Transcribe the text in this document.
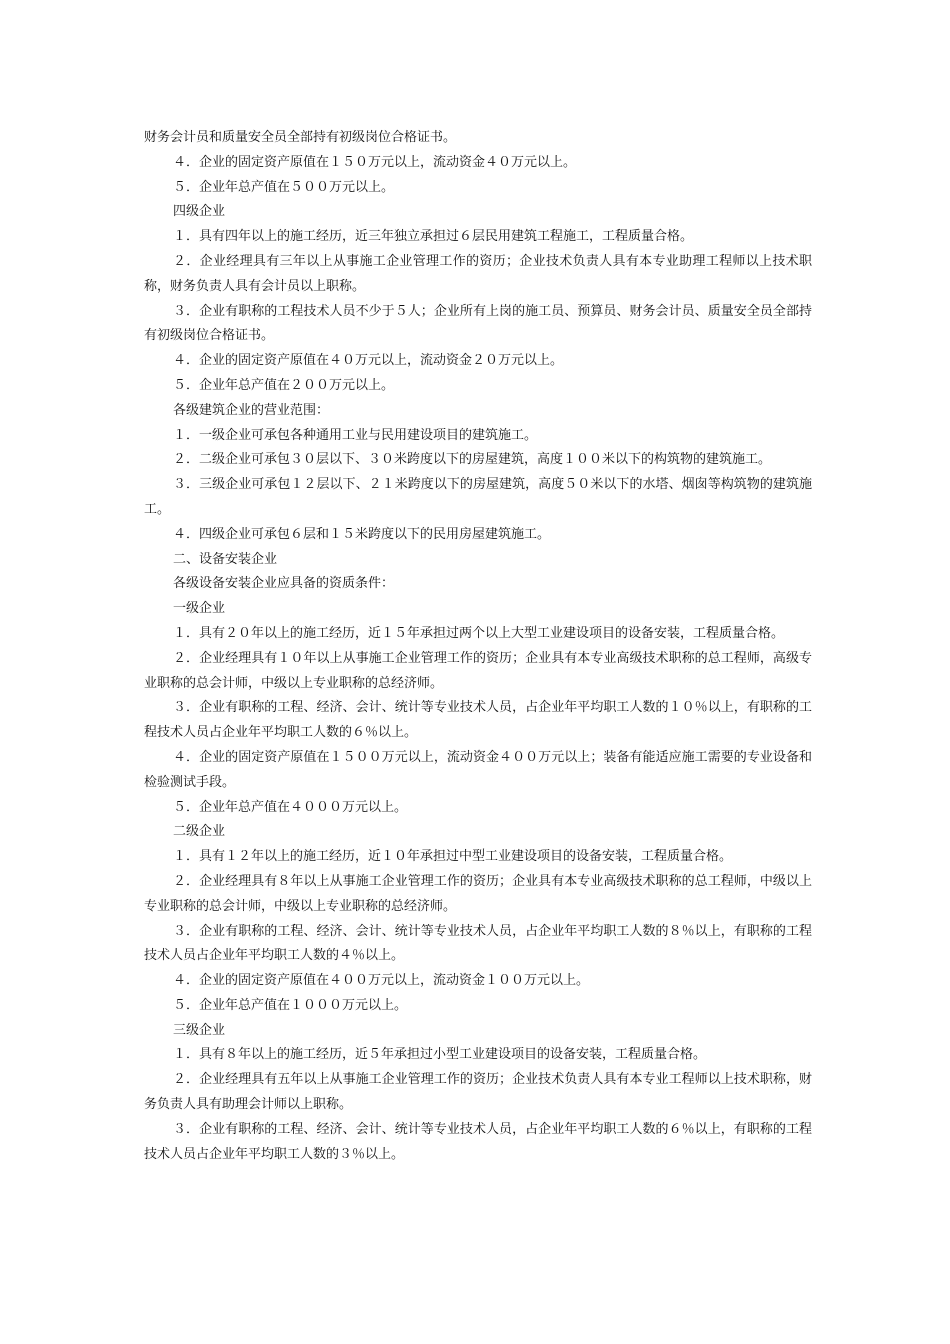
财务会计员和质量安全员全部持有初级岗位合格证书。

４．企业的固定资产原值在１５０万元以上，流动资金４０万元以上。

５．企业年总产值在５００万元以上。

四级企业

１．具有四年以上的施工经历，近三年独立承担过６层民用建筑工程施工，工程质量合格。

２．企业经理具有三年以上从事施工企业管理工作的资历；企业技术负责人具有本专业助理工程师以上技术职称，财务负责人具有会计员以上职称。

３．企业有职称的工程技术人员不少于５人；企业所有上岗的施工员、预算员、财务会计员、质量安全员全部持有初级岗位合格证书。

４．企业的固定资产原值在４０万元以上，流动资金２０万元以上。

５．企业年总产值在２００万元以上。

各级建筑企业的营业范围：

１．一级企业可承包各种通用工业与民用建设项目的建筑施工。

２．二级企业可承包３０层以下、３０米跨度以下的房屋建筑，高度１００米以下的构筑物的建筑施工。

３．三级企业可承包１２层以下、２１米跨度以下的房屋建筑，高度５０米以下的水塔、烟囱等构筑物的建筑施工。

４．四级企业可承包６层和１５米跨度以下的民用房屋建筑施工。

二、设备安装企业

各级设备安装企业应具备的资质条件：

一级企业

１．具有２０年以上的施工经历，近１５年承担过两个以上大型工业建设项目的设备安装，工程质量合格。

２．企业经理具有１０年以上从事施工企业管理工作的资历；企业具有本专业高级技术职称的总工程师，高级专业职称的总会计师，中级以上专业职称的总经济师。

３．企业有职称的工程、经济、会计、统计等专业技术人员，占企业年平均职工人数的１０％以上，有职称的工程技术人员占企业年平均职工人数的６％以上。

４．企业的固定资产原值在１５００万元以上，流动资金４００万元以上；装备有能适应施工需要的专业设备和检验测试手段。

５．企业年总产值在４０００万元以上。

二级企业

１．具有１２年以上的施工经历，近１０年承担过中型工业建设项目的设备安装，工程质量合格。

２．企业经理具有８年以上从事施工企业管理工作的资历；企业具有本专业高级技术职称的总工程师，中级以上专业职称的总会计师，中级以上专业职称的总经济师。

３．企业有职称的工程、经济、会计、统计等专业技术人员，占企业年平均职工人数的８％以上，有职称的工程技术人员占企业年平均职工人数的４％以上。

４．企业的固定资产原值在４００万元以上，流动资金１００万元以上。

５．企业年总产值在１０００万元以上。

三级企业

１．具有８年以上的施工经历，近５年承担过小型工业建设项目的设备安装，工程质量合格。

２．企业经理具有五年以上从事施工企业管理工作的资历；企业技术负责人具有本专业工程师以上技术职称，财务负责人具有助理会计师以上职称。

３．企业有职称的工程、经济、会计、统计等专业技术人员，占企业年平均职工人数的６％以上，有职称的工程技术人员占企业年平均职工人数的３％以上。
